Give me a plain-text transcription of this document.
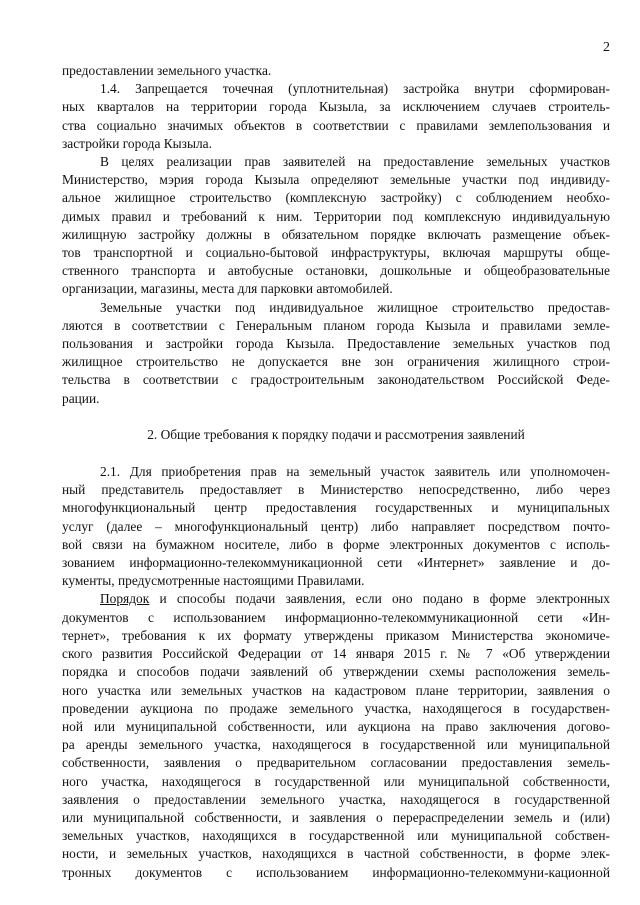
2
предоставлении земельного участка.
1.4. Запрещается точечная (уплотнительная) застройка внутри сформирован-
ных кварталов на территории города Кызыла, за исключением случаев строитель-
ства социально значимых объектов в соответствии с правилами землепользования и
застройки города Кызыла.
В целях реализации прав заявителей на предоставление земельных участков
Министерство, мэрия города Кызыла определяют земельные участки под индивиду-
альное жилищное строительство (комплексную застройку) с соблюдением необхо-
димых правил и требований к ним. Территории под комплексную индивидуальную
жилищную застройку должны в обязательном порядке включать размещение объек-
тов транспортной и социально-бытовой инфраструктуры, включая маршруты обще-
ственного транспорта и автобусные остановки, дошкольные и общеобразовательные
организации, магазины, места для парковки автомобилей.
Земельные участки под индивидуальное жилищное строительство предостав-
ляются в соответствии с Генеральным планом города Кызыла и правилами земле-
пользования и застройки города Кызыла. Предоставление земельных участков под
жилищное строительство не допускается вне зон ограничения жилищного строи-
тельства в соответствии с градостроительным законодательством Российской Феде-
рации.
2. Общие требования к порядку подачи и рассмотрения заявлений
2.1. Для приобретения прав на земельный участок заявитель или уполномочен-
ный представитель предоставляет в Министерство непосредственно, либо через
многофункциональный центр предоставления государственных и муниципальных
услуг (далее – многофункциональный центр) либо направляет посредством почто-
вой связи на бумажном носителе, либо в форме электронных документов с исполь-
зованием информационно-телекоммуникационной сети «Интернет» заявление и до-
кументы, предусмотренные настоящими Правилами.
Порядок и способы подачи заявления, если оно подано в форме электронных
документов с использованием информационно-телекоммуникационной сети «Ин-
тернет», требования к их формату утверждены приказом Министерства экономиче-
ского развития Российской Федерации от 14 января 2015 г. № 7 «Об утверждении
порядка и способов подачи заявлений об утверждении схемы расположения земель-
ного участка или земельных участков на кадастровом плане территории, заявления о
проведении аукциона по продаже земельного участка, находящегося в государствен-
ной или муниципальной собственности, или аукциона на право заключения догово-
ра аренды земельного участка, находящегося в государственной или муниципальной
собственности, заявления о предварительном согласовании предоставления земель-
ного участка, находящегося в государственной или муниципальной собственности,
заявления о предоставлении земельного участка, находящегося в государственной
или муниципальной собственности, и заявления о перераспределении земель и (или)
земельных участков, находящихся в государственной или муниципальной собствен-
ности, и земельных участков, находящихся в частной собственности, в форме элек-
тронных документов с использованием информационно-телекоммуни-кационной
